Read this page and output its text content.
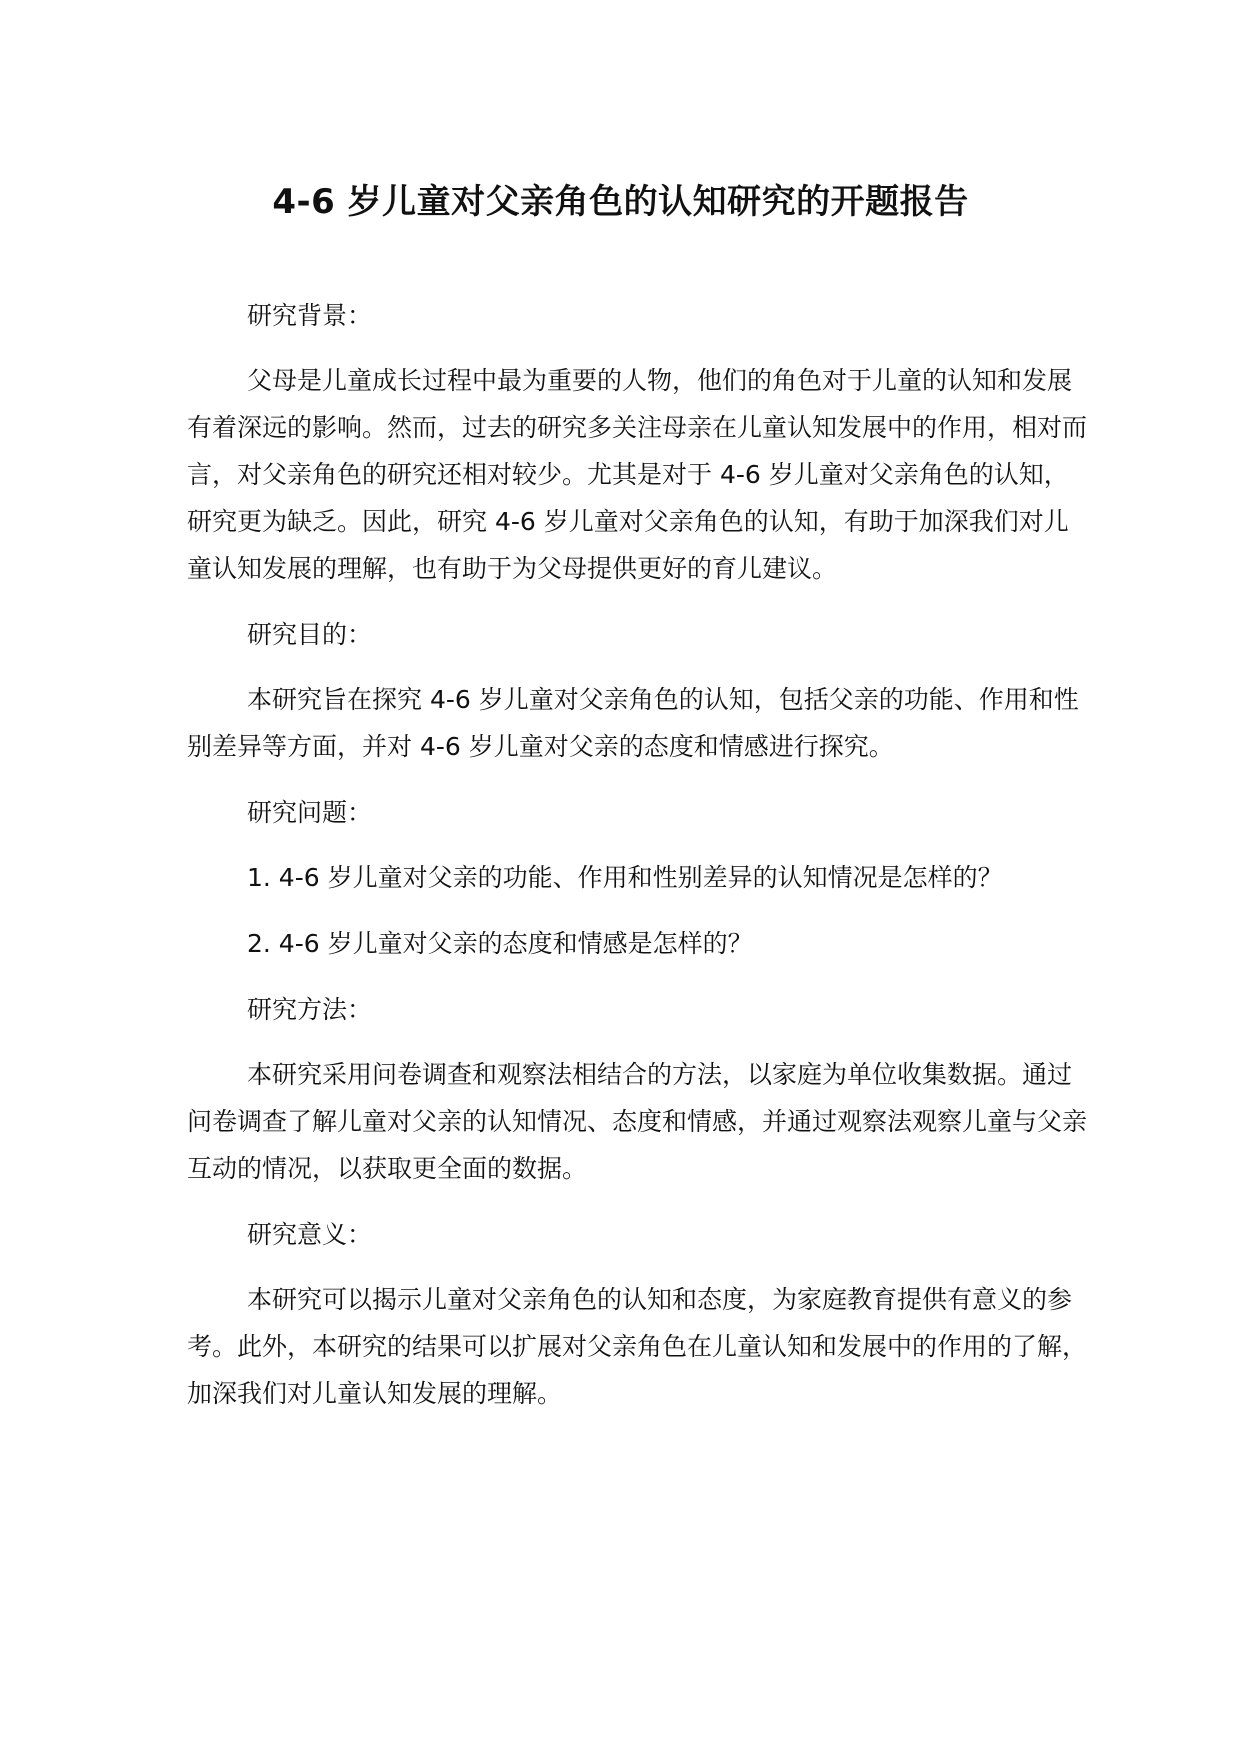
4-6 岁儿童对父亲角色的认知研究的开题报告

研究背景：

父母是儿童成长过程中最为重要的人物，他们的角色对于儿童的认知和发展有着深远的影响。然而，过去的研究多关注母亲在儿童认知发展中的作用，相对而言，对父亲角色的研究还相对较少。尤其是对于 4-6 岁儿童对父亲角色的认知，研究更为缺乏。因此，研究 4-6 岁儿童对父亲角色的认知，有助于加深我们对儿童认知发展的理解，也有助于为父母提供更好的育儿建议。

研究目的：

本研究旨在探究 4-6 岁儿童对父亲角色的认知，包括父亲的功能、作用和性别差异等方面，并对 4-6 岁儿童对父亲的态度和情感进行探究。

研究问题：

1. 4-6 岁儿童对父亲的功能、作用和性别差异的认知情况是怎样的？

2. 4-6 岁儿童对父亲的态度和情感是怎样的？

研究方法：

本研究采用问卷调查和观察法相结合的方法，以家庭为单位收集数据。通过问卷调查了解儿童对父亲的认知情况、态度和情感，并通过观察法观察儿童与父亲互动的情况，以获取更全面的数据。

研究意义：

本研究可以揭示儿童对父亲角色的认知和态度，为家庭教育提供有意义的参考。此外，本研究的结果可以扩展对父亲角色在儿童认知和发展中的作用的了解，加深我们对儿童认知发展的理解。
